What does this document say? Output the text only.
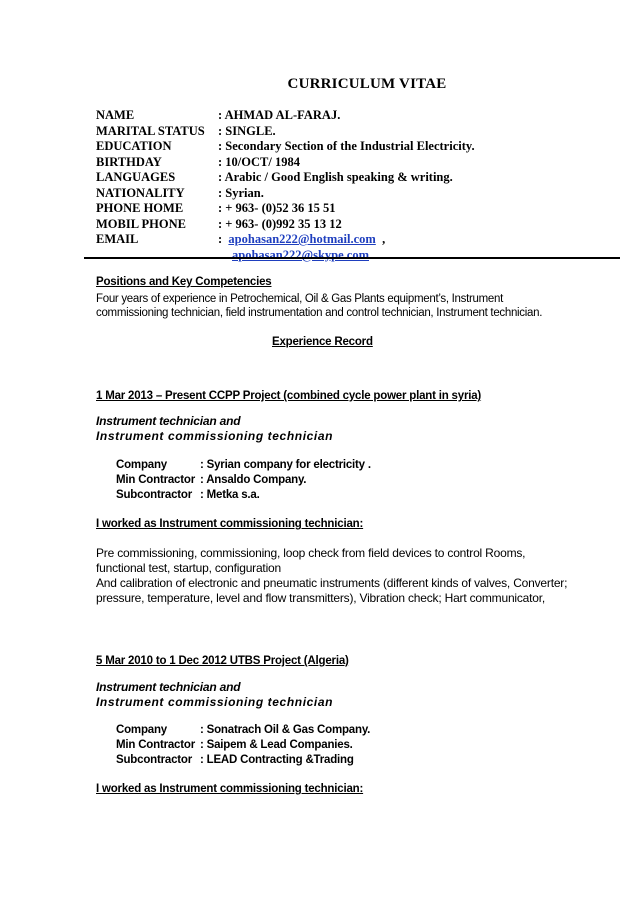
CURRICULUM VITAE
NAME	: AHMAD AL-FARAJ.
MARITAL STATUS	: SINGLE.
EDUCATION	: Secondary Section of the Industrial Electricity.
BIRTHDAY	: 10/OCT/ 1984
LANGUAGES	: Arabic / Good English speaking & writing.
NATIONALITY	: Syrian.
PHONE HOME	: + 963- (0)52 36 15 51
MOBIL PHONE	: + 963- (0)992 35 13 12
EMAIL	: apohasan222@hotmail.com ,
apohasan222@skype.com
Positions and Key Competencies
Four years of experience in Petrochemical, Oil & Gas Plants equipment’s, Instrument commissioning technician, field instrumentation and control technician, Instrument technician.
Experience Record
1 Mar 2013 – Present CCPP Project (combined cycle power plant in syria)
Instrument technician and
Instrument commissioning technician
Company	: Syrian company for electricity .
Min Contractor : Ansaldo Company.
Subcontractor : Metka s.a.
I worked as Instrument commissioning technician:
Pre commissioning, commissioning, loop check from field devices to control Rooms, functional test, startup, configuration
And calibration of electronic and pneumatic instruments (different kinds of valves, Converter; pressure, temperature, level and flow transmitters), Vibration check; Hart communicator,
5 Mar 2010 to 1 Dec 2012 UTBS Project (Algeria)
Instrument technician and
Instrument commissioning technician
Company	: Sonatrach Oil & Gas Company.
Min Contractor : Saipem & Lead Companies.
Subcontractor : LEAD Contracting &Trading
I worked as Instrument commissioning technician:
